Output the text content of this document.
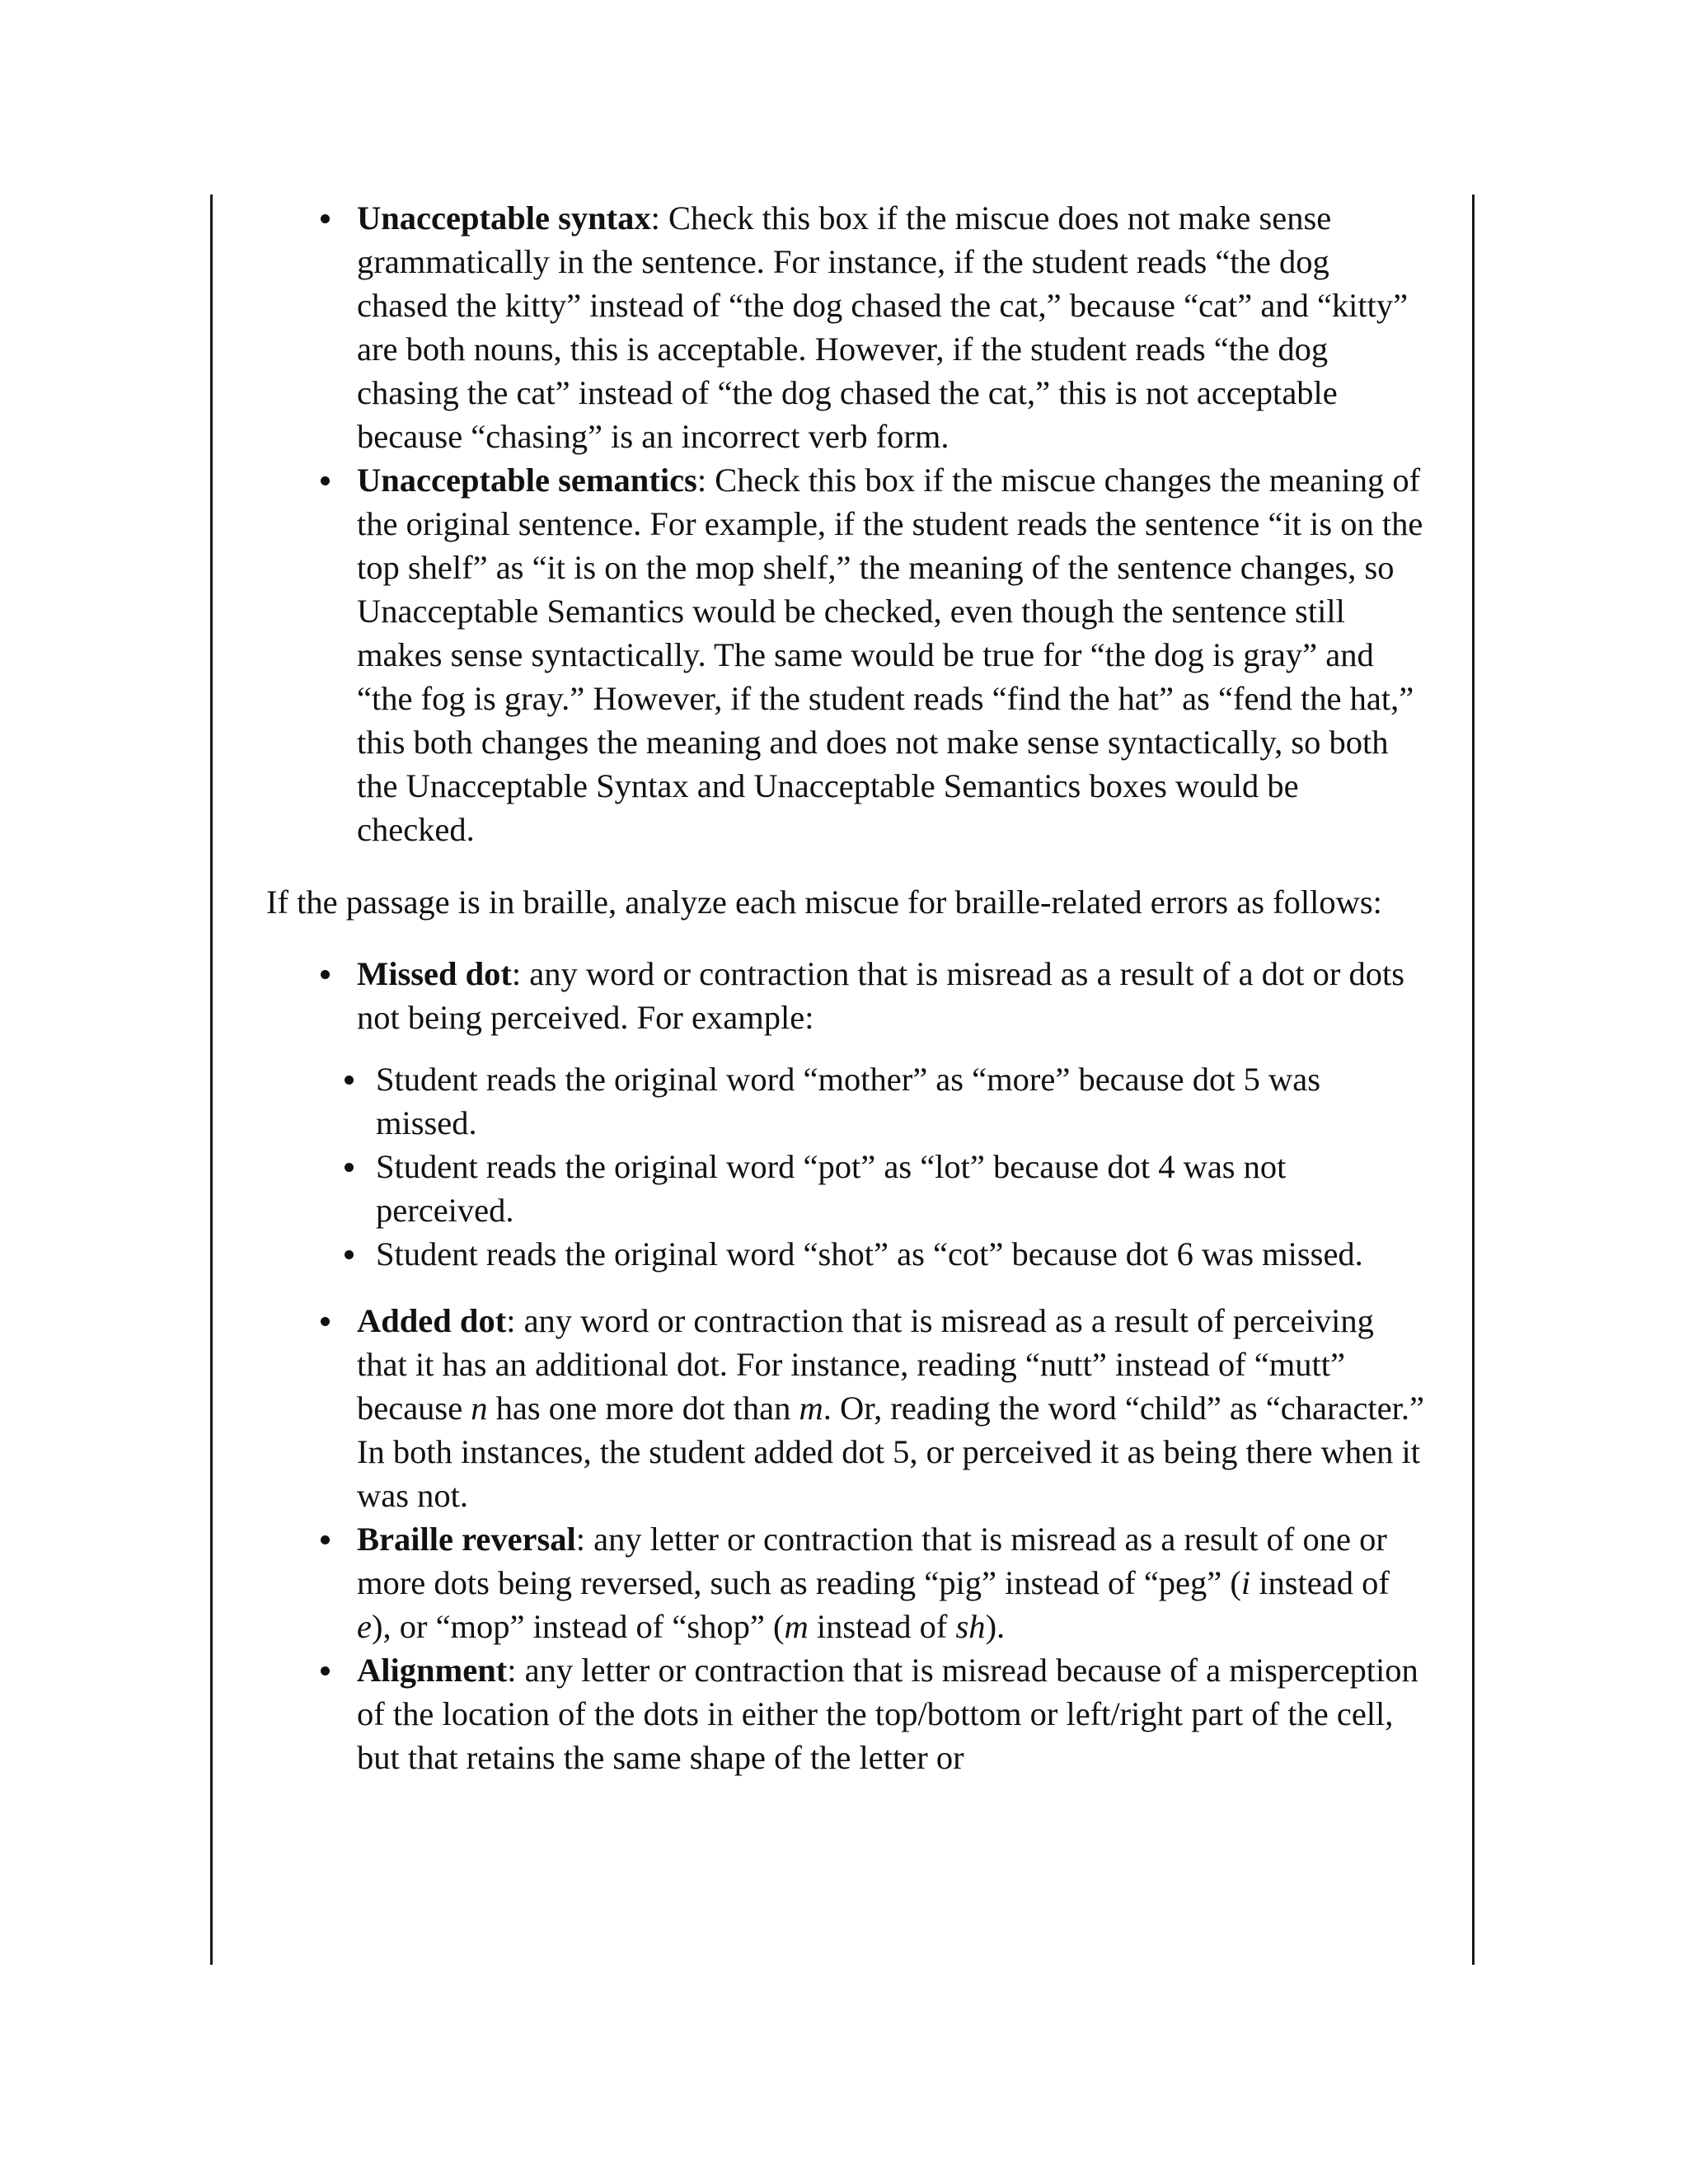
Unacceptable syntax: Check this box if the miscue does not make sense grammatically in the sentence. For instance, if the student reads “the dog chased the kitty” instead of “the dog chased the cat,” because “cat” and “kitty” are both nouns, this is acceptable. However, if the student reads “the dog chasing the cat” instead of “the dog chased the cat,” this is not acceptable because “chasing” is an incorrect verb form.
Unacceptable semantics: Check this box if the miscue changes the meaning of the original sentence. For example, if the student reads the sentence “it is on the top shelf” as “it is on the mop shelf,” the meaning of the sentence changes, so Unacceptable Semantics would be checked, even though the sentence still makes sense syntactically. The same would be true for “the dog is gray” and “the fog is gray.” However, if the student reads “find the hat” as “fend the hat,” this both changes the meaning and does not make sense syntactically, so both the Unacceptable Syntax and Unacceptable Semantics boxes would be checked.

If the passage is in braille, analyze each miscue for braille-related errors as follows:

Missed dot: any word or contraction that is misread as a result of a dot or dots not being perceived. For example:
Student reads the original word “mother” as “more” because dot 5 was missed.
Student reads the original word “pot” as “lot” because dot 4 was not perceived.
Student reads the original word “shot” as “cot” because dot 6 was missed.
Added dot: any word or contraction that is misread as a result of perceiving that it has an additional dot. For instance, reading “nutt” instead of “mutt” because n has one more dot than m. Or, reading the word “child” as “character.” In both instances, the student added dot 5, or perceived it as being there when it was not.
Braille reversal: any letter or contraction that is misread as a result of one or more dots being reversed, such as reading “pig” instead of “peg” (i instead of e), or “mop” instead of “shop” (m instead of sh).
Alignment: any letter or contraction that is misread because of a misperception of the location of the dots in either the top/bottom or left/right part of the cell, but that retains the same shape of the letter or
